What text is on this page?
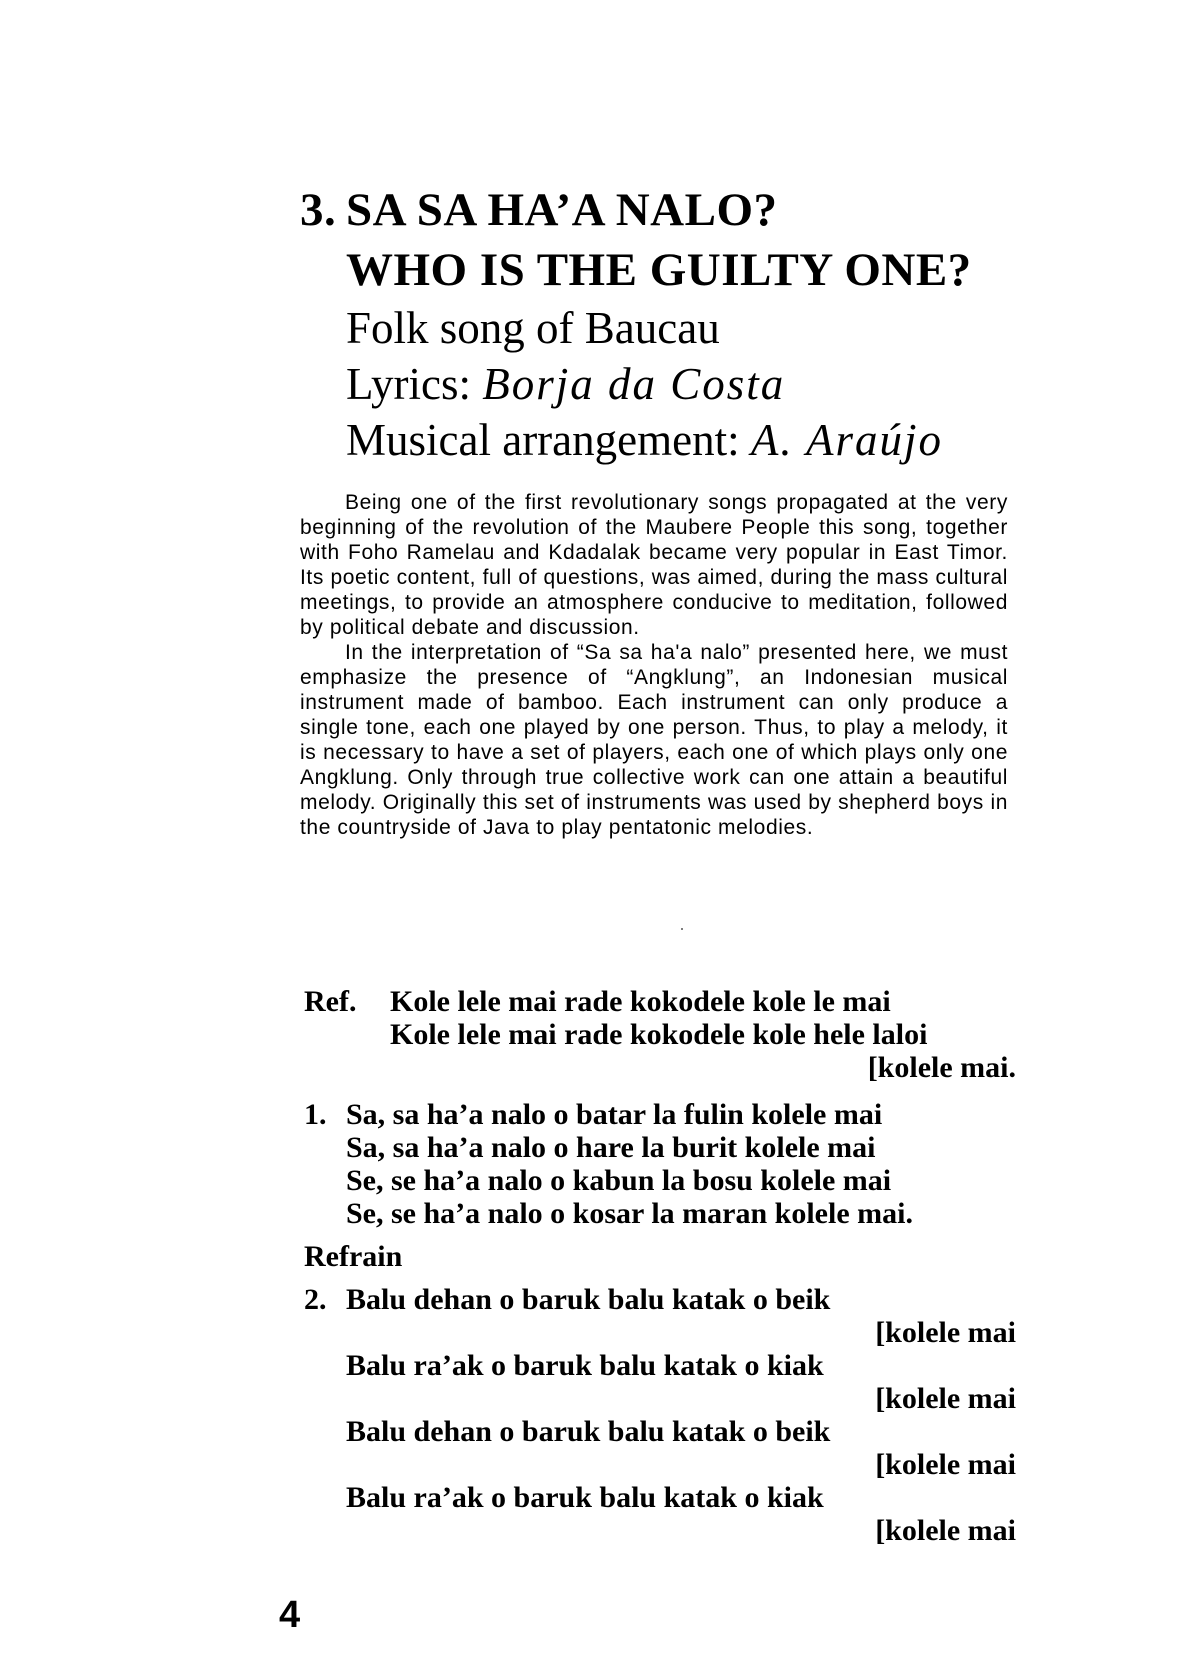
3. SA SA HA’A NALO?
WHO IS THE GUILTY ONE?
Folk song of Baucau
Lyrics: Borja da Costa
Musical arrangement: A. Araújo

Being one of the first revolutionary songs propagated at the very beginning of the revolution of the Maubere People this song, together with Foho Ramelau and Kdadalak became very popular in East Timor. Its poetic content, full of questions, was aimed, during the mass cultural meetings, to provide an atmosphere conducive to meditation, followed by political debate and discussion.

In the interpretation of “Sa sa ha'a nalo” presented here, we must emphasize the presence of “Angklung”, an Indonesian musical instrument made of bamboo. Each instrument can only produce a single tone, each one played by one person. Thus, to play a melody, it is necessary to have a set of players, each one of which plays only one Angklung. Only through true collective work can one attain a beautiful melody. Originally this set of instruments was used by shepherd boys in the countryside of Java to play pentatonic melodies.

Ref.	Kole lele mai rade kokodele kole le mai
Kole lele mai rade kokodele kole hele laloi
[kolele mai.
1. Sa, sa ha’a nalo o batar la fulin kolele mai
Sa, sa ha’a nalo o hare la burit kolele mai
Se, se ha’a nalo o kabun la bosu kolele mai
Se, se ha’a nalo o kosar la maran kolele mai.
Refrain
2. Balu dehan o baruk balu katak o beik
[kolele mai
Balu ra’ak o baruk balu katak o kiak
[kolele mai
Balu dehan o baruk balu katak o beik
[kolele mai
Balu ra’ak o baruk balu katak o kiak
[kolele mai
4
